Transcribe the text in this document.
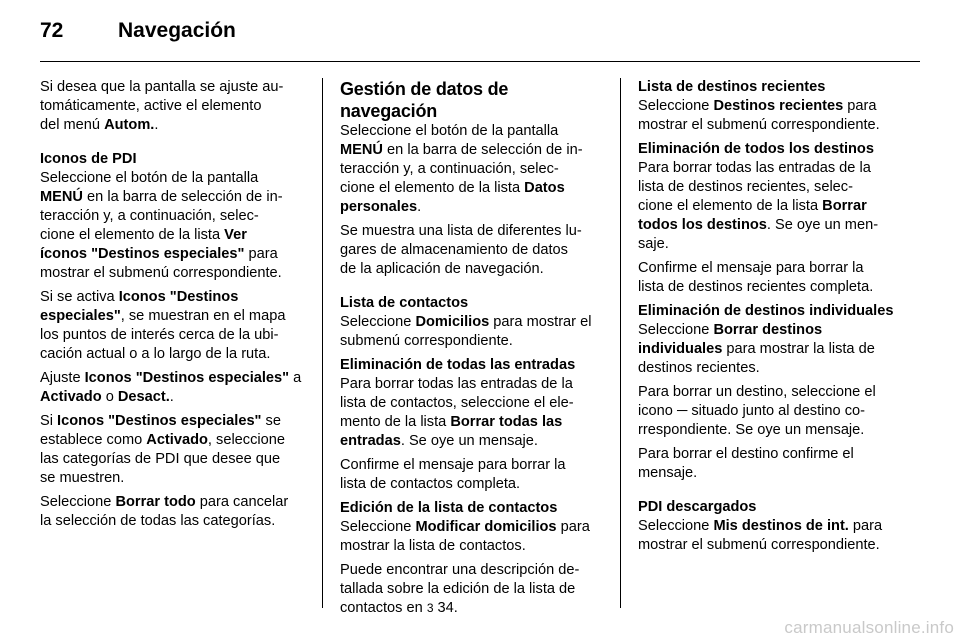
72	Navegación
Si desea que la pantalla se ajuste au-
tomáticamente, active el elemento
del menú Autom..
Iconos de PDI
Seleccione el botón de la pantalla
MENÚ en la barra de selección de in-
teracción y, a continuación, selec-
cione el elemento de la lista Ver
íconos "Destinos especiales" para
mostrar el submenú correspondiente.
Si se activa Iconos "Destinos
especiales", se muestran en el mapa
los puntos de interés cerca de la ubi-
cación actual o a lo largo de la ruta.
Ajuste Iconos "Destinos especiales" a
Activado o Desact..
Si Iconos "Destinos especiales" se
establece como Activado, seleccione
las categorías de PDI que desee que
se muestren.
Seleccione Borrar todo para cancelar
la selección de todas las categorías.
Gestión de datos de navegación
Seleccione el botón de la pantalla
MENÚ en la barra de selección de in-
teracción y, a continuación, selec-
cione el elemento de la lista Datos
personales.
Se muestra una lista de diferentes lu-
gares de almacenamiento de datos
de la aplicación de navegación.
Lista de contactos
Seleccione Domicilios para mostrar el
submenú correspondiente.
Eliminación de todas las entradas
Para borrar todas las entradas de la
lista de contactos, seleccione el ele-
mento de la lista Borrar todas las
entradas. Se oye un mensaje.
Confirme el mensaje para borrar la
lista de contactos completa.
Edición de la lista de contactos
Seleccione Modificar domicilios para
mostrar la lista de contactos.
Puede encontrar una descripción de-
tallada sobre la edición de la lista de
contactos en 3 34.
Lista de destinos recientes
Seleccione Destinos recientes para
mostrar el submenú correspondiente.
Eliminación de todos los destinos
Para borrar todas las entradas de la
lista de destinos recientes, selec-
cione el elemento de la lista Borrar
todos los destinos. Se oye un men-
saje.
Confirme el mensaje para borrar la
lista de destinos recientes completa.
Eliminación de destinos individuales
Seleccione Borrar destinos
individuales para mostrar la lista de
destinos recientes.
Para borrar un destino, seleccione el
icono ─ situado junto al destino co-
rrespondiente. Se oye un mensaje.
Para borrar el destino confirme el
mensaje.
PDI descargados
Seleccione Mis destinos de int. para
mostrar el submenú correspondiente.
carmanualsonline.info
